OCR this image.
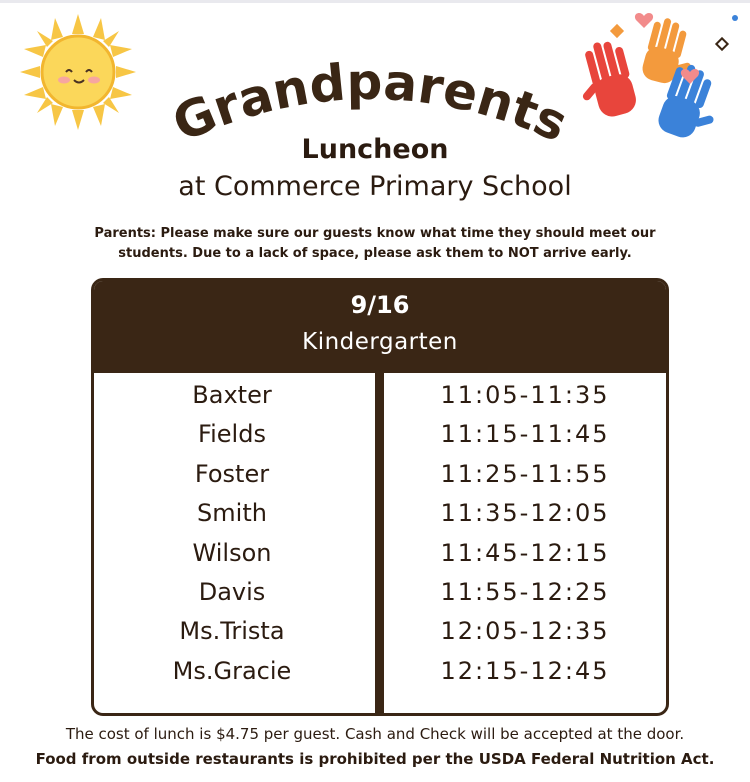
Grandparents
Luncheon
at Commerce Primary School
Parents: Please make sure our guests know what time they should meet our
students. Due to a lack of space, please ask them to NOT arrive early.
9/16
Kindergarten
Baxter	11:05-11:35
Fields	11:15-11:45
Foster	11:25-11:55
Smith	11:35-12:05
Wilson	11:45-12:15
Davis	11:55-12:25
Ms.Trista	12:05-12:35
Ms.Gracie	12:15-12:45
The cost of lunch is $4.75 per guest. Cash and Check will be accepted at the door.
Food from outside restaurants is prohibited per the USDA Federal Nutrition Act.
